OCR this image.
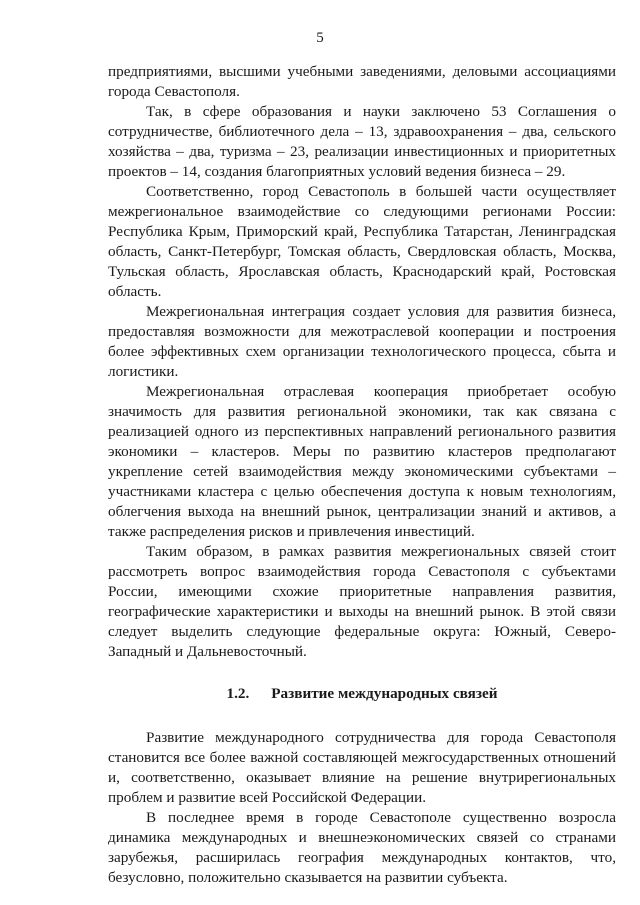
5

предприятиями, высшими учебными заведениями, деловыми ассоциациями города Севастополя.

Так, в сфере образования и науки заключено 53 Соглашения о сотрудничестве, библиотечного дела – 13, здравоохранения – два, сельского хозяйства – два, туризма – 23, реализации инвестиционных и приоритетных проектов – 14, создания благоприятных условий ведения бизнеса – 29.

Соответственно, город Севастополь в большей части осуществляет межрегиональное взаимодействие со следующими регионами России: Республика Крым, Приморский край, Республика Татарстан, Ленинградская область, Санкт-Петербург, Томская область, Свердловская область, Москва, Тульская область, Ярославская область, Краснодарский край, Ростовская область.

Межрегиональная интеграция создает условия для развития бизнеса, предоставляя возможности для межотраслевой кооперации и построения более эффективных схем организации технологического процесса, сбыта и логистики.

Межрегиональная отраслевая кооперация приобретает особую значимость для развития региональной экономики, так как связана с реализацией одного из перспективных направлений регионального развития экономики – кластеров. Меры по развитию кластеров предполагают укрепление сетей взаимодействия между экономическими субъектами – участниками кластера с целью обеспечения доступа к новым технологиям, облегчения выхода на внешний рынок, централизации знаний и активов, а также распределения рисков и привлечения инвестиций.

Таким образом, в рамках развития межрегиональных связей стоит рассмотреть вопрос взаимодействия города Севастополя с субъектами России, имеющими схожие приоритетные направления развития, географические характеристики и выходы на внешний рынок. В этой связи следует выделить следующие федеральные округа: Южный, Северо-Западный и Дальневосточный.

1.2. Развитие международных связей

Развитие международного сотрудничества для города Севастополя становится все более важной составляющей межгосударственных отношений и, соответственно, оказывает влияние на решение внутрирегиональных проблем и развитие всей Российской Федерации.

В последнее время в городе Севастополе существенно возросла динамика международных и внешнеэкономических связей со странами зарубежья, расширилась география международных контактов, что, безусловно, положительно сказывается на развитии субъекта.
